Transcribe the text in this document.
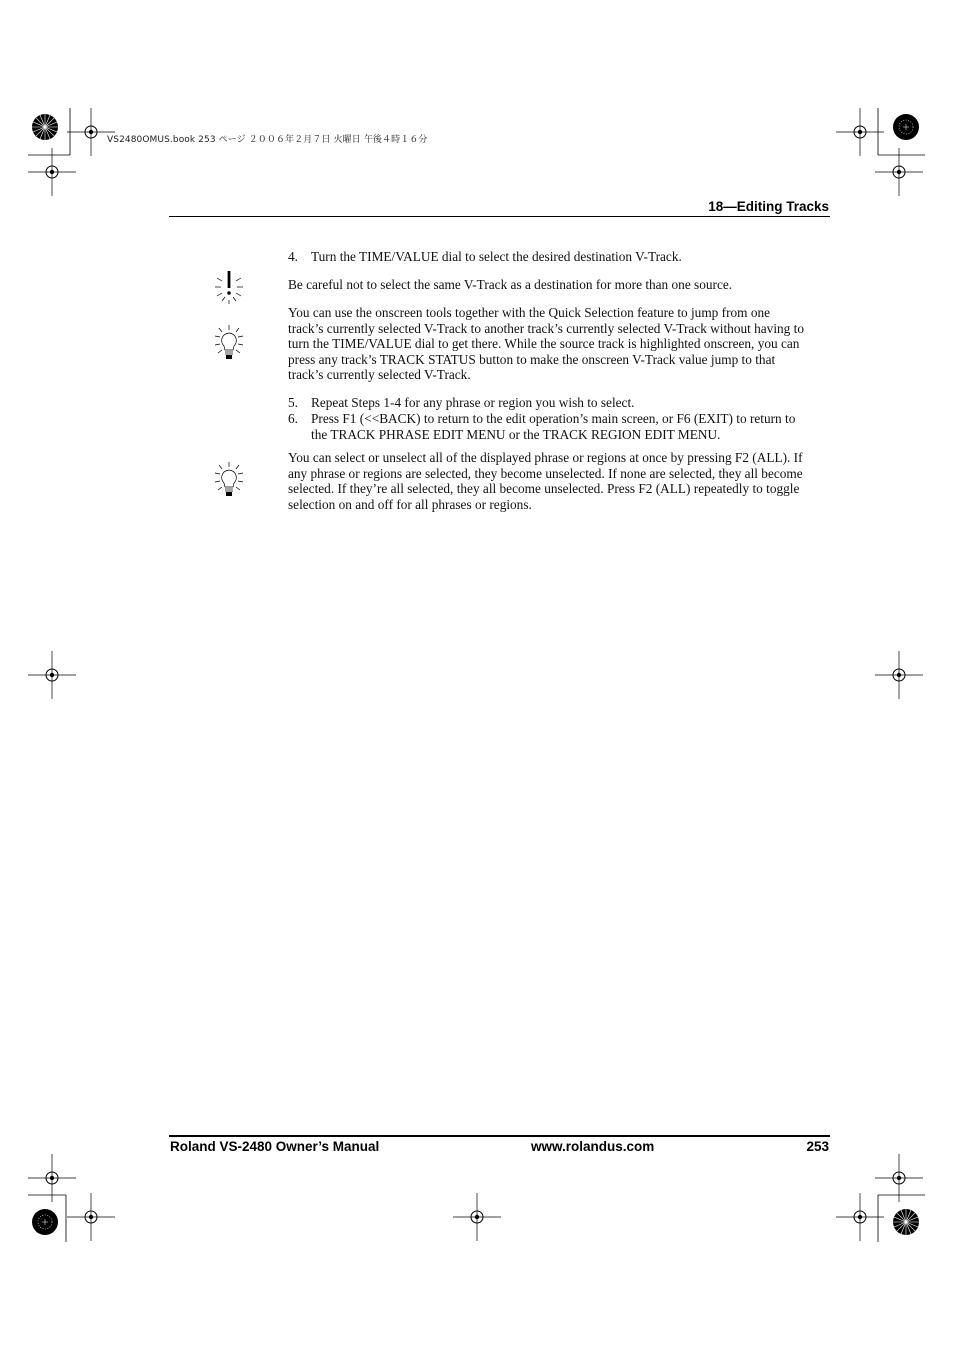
VS2480OMUS.book 253 ページ ２００６年２月７日 火曜日 午後４時１６分
18—Editing Tracks
4. Turn the TIME/VALUE dial to select the desired destination V-Track.
Be careful not to select the same V-Track as a destination for more than one source.
You can use the onscreen tools together with the Quick Selection feature to jump from one track’s currently selected V-Track to another track’s currently selected V-Track without having to turn the TIME/VALUE dial to get there. While the source track is highlighted onscreen, you can press any track’s TRACK STATUS button to make the onscreen V-Track value jump to that track’s currently selected V-Track.
5. Repeat Steps 1-4 for any phrase or region you wish to select.
6. Press F1 (<<BACK) to return to the edit operation’s main screen, or F6 (EXIT) to return to the TRACK PHRASE EDIT MENU or the TRACK REGION EDIT MENU.
You can select or unselect all of the displayed phrase or regions at once by pressing F2 (ALL). If any phrase or regions are selected, they become unselected. If none are selected, they all become selected. If they’re all selected, they all become unselected. Press F2 (ALL) repeatedly to toggle selection on and off for all phrases or regions.
Roland VS-2480 Owner’s Manual	www.rolandus.com	253
